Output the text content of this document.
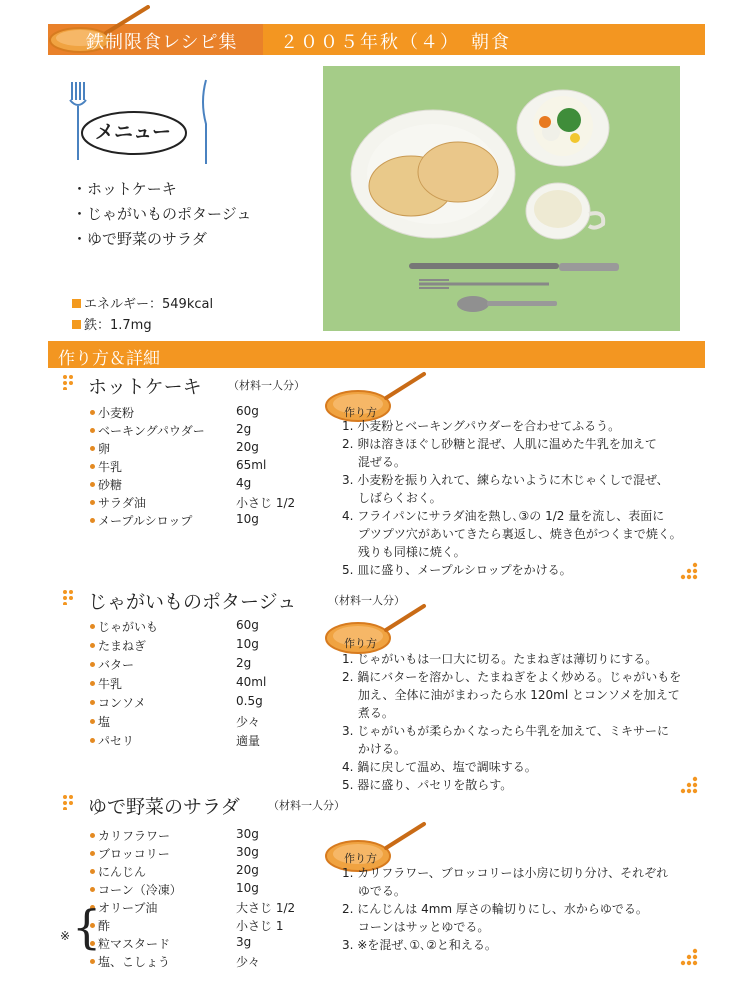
鉄制限食レシピ集 ２００５年秋（４）　朝食
メニュー
・ホットケーキ
・じゃがいものポタージュ
・ゆで野菜のサラダ
エネルギー：549kcal
鉄：1.7mg
作り方＆詳細
ホットケーキ （材料一人分）
小麦粉
ベーキングパウダー
卵
牛乳
砂糖
サラダ油
メープルシロップ
60g
2g
20g
65ml
4g
小さじ 1/2
10g
作り方
1. 小麦粉とベーキングパウダーを合わせてふるう。
2. 卵は溶きほぐし砂糖と混ぜ、人肌に温めた牛乳を加えて
　 混ぜる。
3. 小麦粉を振り入れて、練らないように木じゃくしで混ぜ、
　 しばらくおく。
4. フライパンにサラダ油を熱し､③の 1/2 量を流し、表面に
　 プツプツ穴があいてきたら裏返し、焼き色がつくまで焼く。
　 残りも同様に焼く。
5. 皿に盛り、メープルシロップをかける。
じゃがいものポタージュ	（材料一人分）
じゃがいも
たまねぎ
バター
牛乳
コンソメ
塩
パセリ
60g
10g
2g
40ml
0.5g
少々
適量
作り方
1. じゃがいもは一口大に切る。たまねぎは薄切りにする。
2. 鍋にバターを溶かし、たまねぎをよく炒める。じゃがいもを
　 加え、全体に油がまわったら水 120ml とコンソメを加えて
　 煮る。
3. じゃがいもが柔らかくなったら牛乳を加えて、ミキサーに
　 かける。
4. 鍋に戻して温め、塩で調味する。
5. 器に盛り、パセリを散らす。
ゆで野菜のサラダ	（材料一人分）
カリフラワー
ブロッコリー
にんじん
コーン（冷凍）
オリーブ油
酢
粒マスタード
塩、こしょう
30g
30g
20g
10g
大さじ 1/2
小さじ 1
3g
少々
※ {
作り方
1. カリフラワー、ブロッコリーは小房に切り分け、それぞれ
　 ゆでる。
2. にんじんは 4mm 厚さの輪切りにし、水からゆでる。
　 コーンはサッとゆでる。
3. ※を混ぜ､①､②と和える。
